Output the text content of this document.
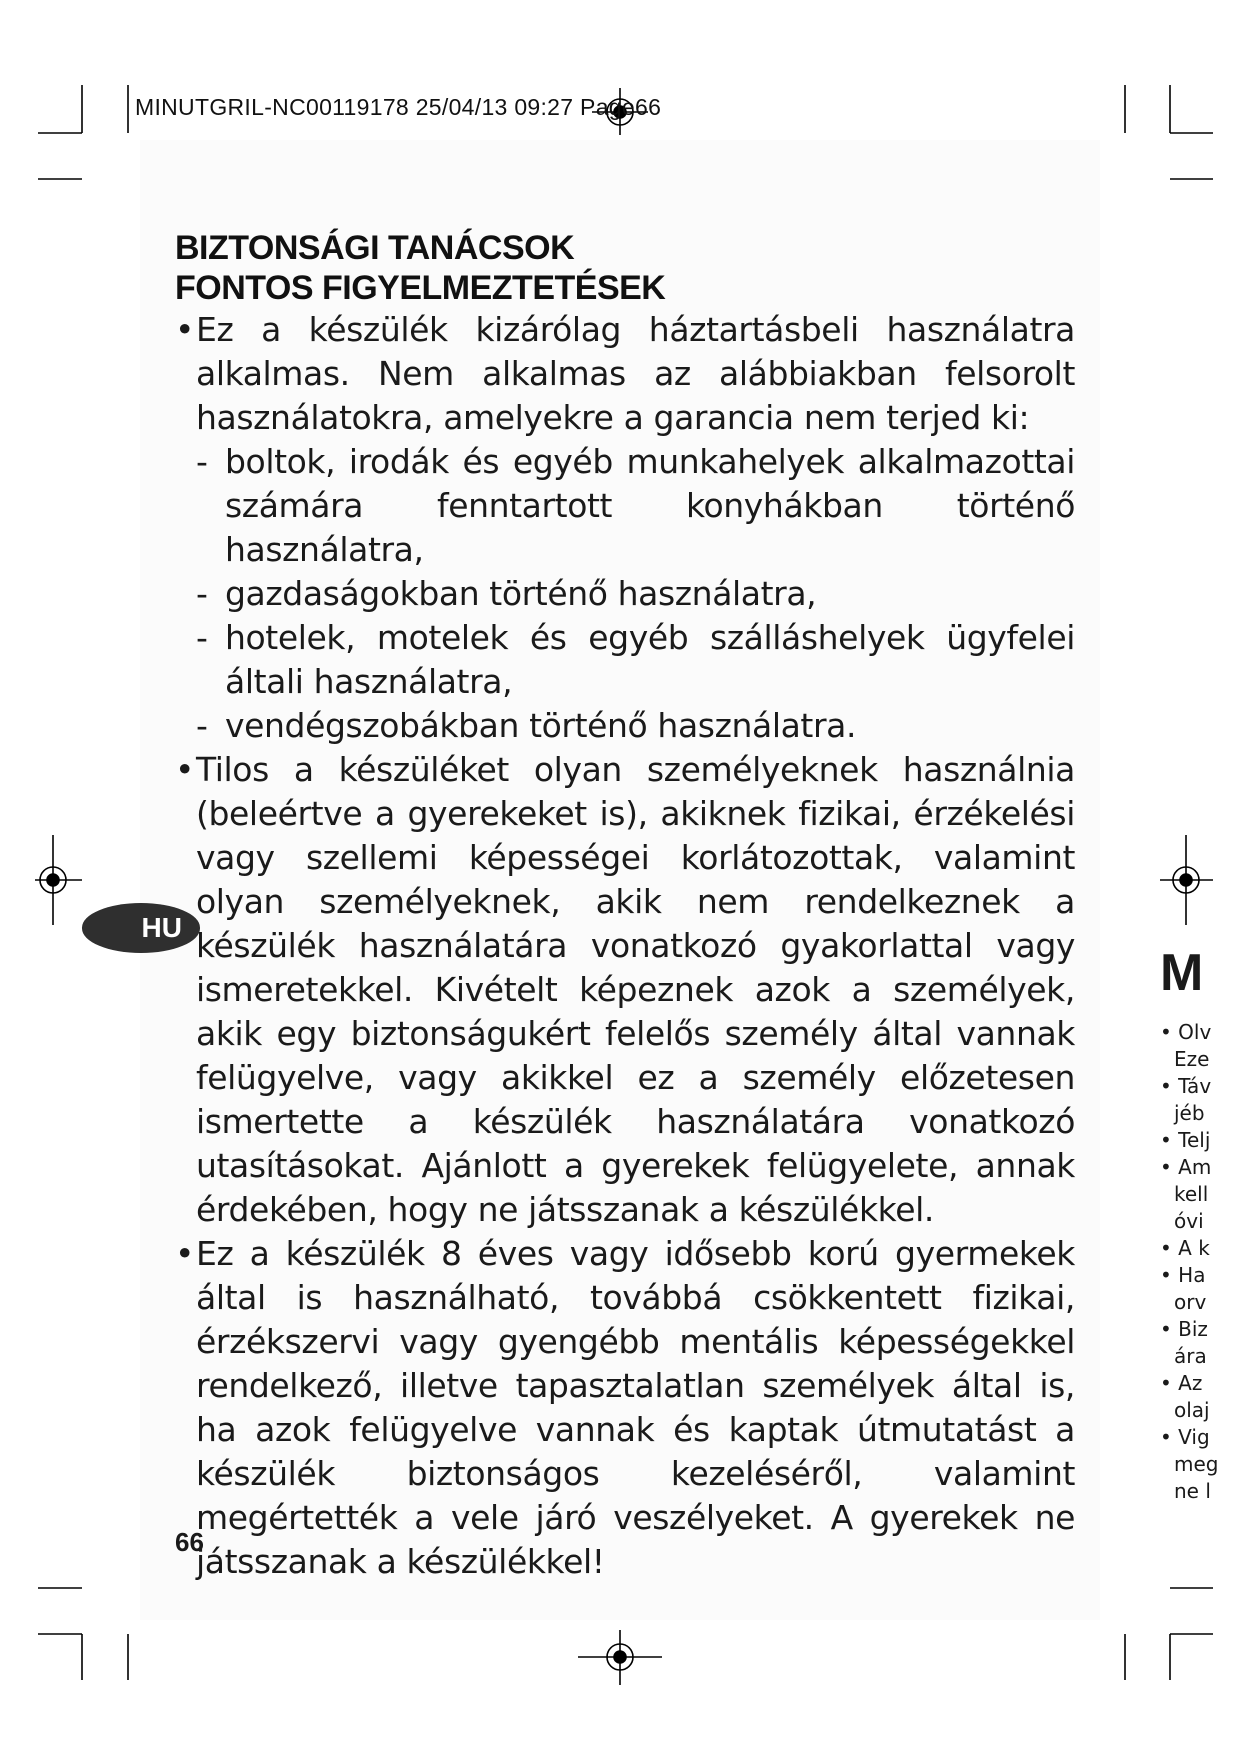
MINUTGRIL-NC00119178 25/04/13 09:27 Page66
BIZTONSÁGI TANÁCSOK
FONTOS FIGYELMEZTETÉSEK
• Ez a készülék kizárólag háztartásbeli használatra alkalmas. Nem alkalmas az alábbiakban felsorolt használatokra, amelyekre a garancia nem terjed ki:
- boltok, irodák és egyéb munkahelyek alkalmazottai számára fenntartott konyhákban történő használatra,
- gazdaságokban történő használatra,
- hotelek, motelek és egyéb szálláshelyek ügyfelei általi használatra,
- vendégszobákban történő használatra.
• Tilos a készüléket olyan személyeknek használnia (beleértve a gyerekeket is), akiknek fizikai, érzékelési vagy szellemi képességei korlátozottak, valamint olyan személyeknek, akik nem rendelkeznek a készülék használatára vonatkozó gyakorlattal vagy ismeretekkel. Kivételt képeznek azok a személyek, akik egy biztonságukért felelős személy által vannak felügyelve, vagy akikkel ez a személy előzetesen ismertette a készülék használatára vonatkozó utasításokat. Ajánlott a gyerekek felügyelete, annak érdekében, hogy ne játsszanak a készülékkel.
• Ez a készülék 8 éves vagy idősebb korú gyermekek által is használható, továbbá csökkentett fizikai, érzékszervi vagy gyengébb mentális képességekkel rendelkező, illetve tapasztalatlan személyek által is, ha azok felügyelve vannak és kaptak útmutatást a készülék biztonságos kezeléséről, valamint megértették a vele járó veszélyeket. A gyerekek ne játsszanak a készülékkel!
HU
66
M
• Olv
Eze
• Táv
jéb
• Telj
• Am
kell
óvi
• A k
• Ha
orv
• Biz
ára
• Az
olaj
• Vig
meg
ne l
